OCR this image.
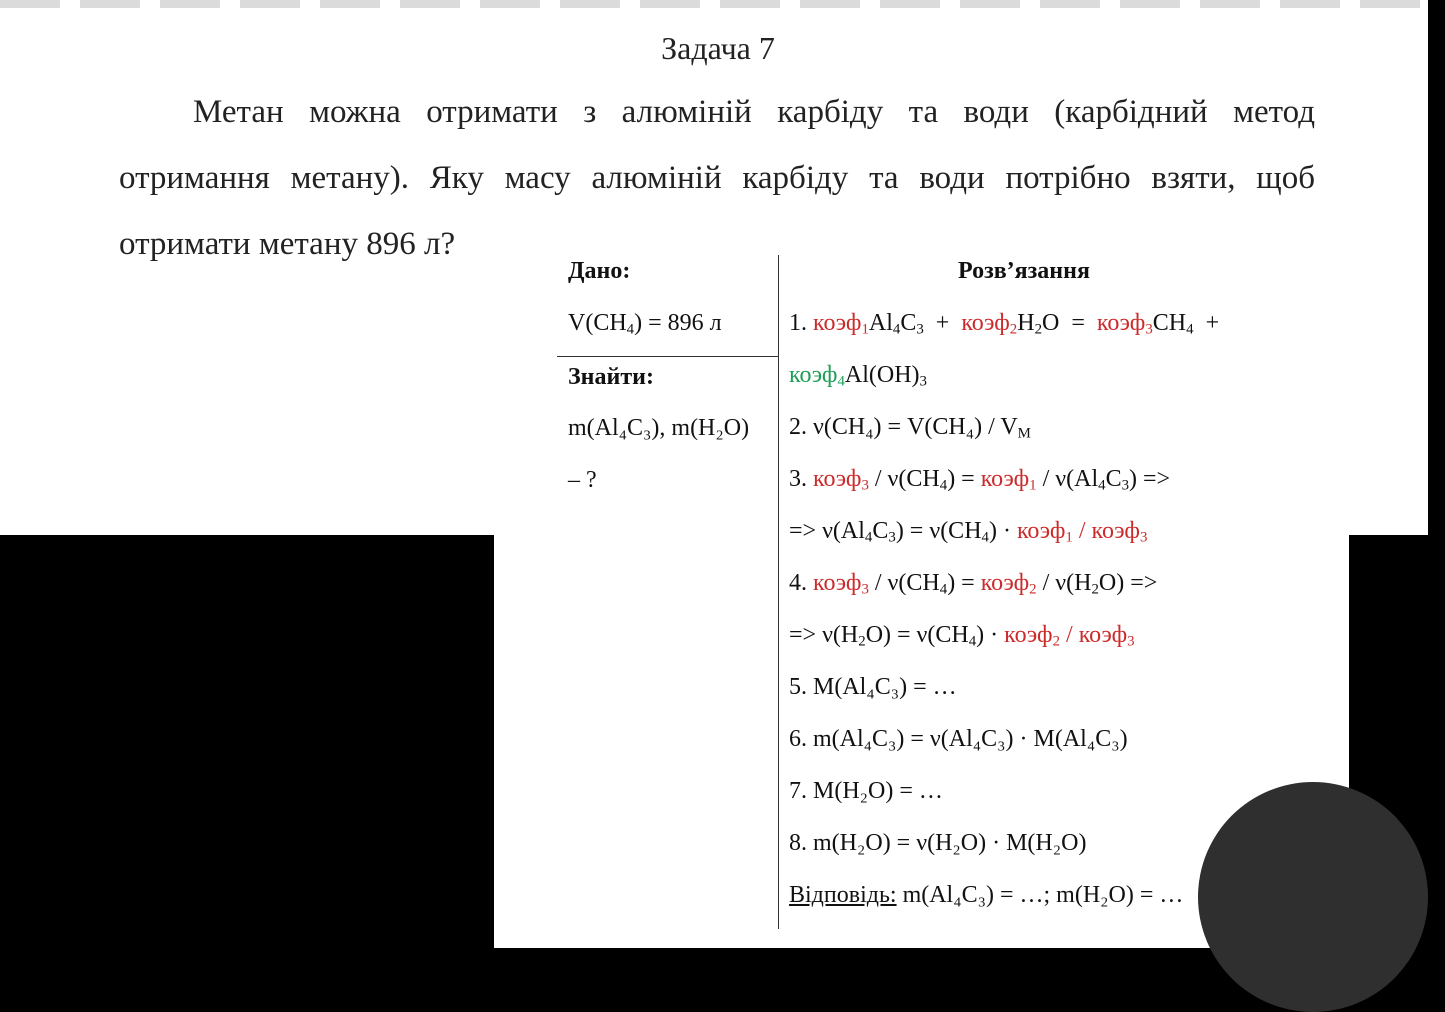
Задача 7
Метан можна отримати з алюміній карбіду та води (карбідний метод
отримання метану). Яку масу алюміній карбіду та води потрібно взяти, щоб
отримати метану 896 л?
Дано:
$V(CH_4) = 896$ л
Знайти:
m(Al₄C₃), m(H₂O)
– ?
Розв’язання
1. $коэф_1Al_4C_3$ + $коэф_2H_2O$ = $коэф_3CH_4$ +
$коэф_4Al(OH)_3$
2. $\nu(CH_4) = V(CH_4) / V_M$
3. коэф$_3$ / $\nu(CH_4)$ = коэф$_1$ / $\nu(Al_4C_3)$ =>
=> $\nu(Al_4C_3) = \nu(CH_4)$ · коэф$_1$ / коэф$_3$
4. коэф$_3$ / $\nu(CH_4)$ = коэф$_2$ / $\nu(H_2O)$ =>
=> $\nu(H_2O) = \nu(CH_4)$ · коэф$_2$ / коэф$_3$
5. M(Al₄C₃) = …
6. m(Al₄C₃) = ν(Al₄C₃) · M(Al₄C₃)
7. M(H₂O) = …
8. m(H₂O) = ν(H₂O) · M(H₂O)
Відповідь: m(Al₄C₃) = …; m(H₂O) = …
